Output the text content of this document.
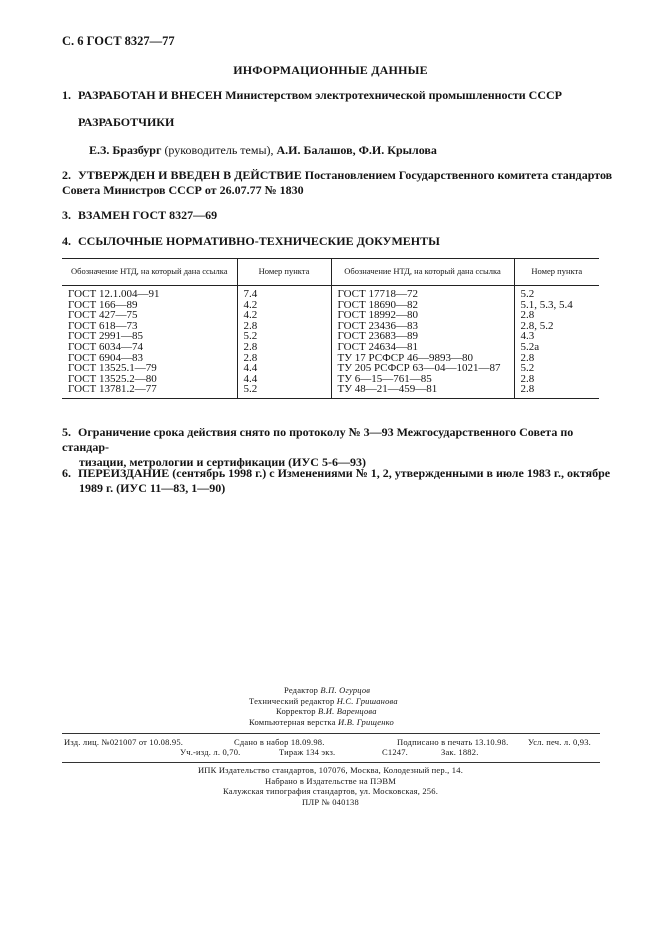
С. 6 ГОСТ 8327—77
ИНФОРМАЦИОННЫЕ ДАННЫЕ
1. РАЗРАБОТАН И ВНЕСЕН Министерством электротехнической промышленности СССР
РАЗРАБОТЧИКИ
Е.З. Бразбург (руководитель темы), А.И. Балашов, Ф.И. Крылова
2. УТВЕРЖДЕН И ВВЕДЕН В ДЕЙСТВИЕ Постановлением Государственного комитета стандартов Совета Министров СССР от 26.07.77 № 1830
3. ВЗАМЕН ГОСТ 8327—69
4. ССЫЛОЧНЫЕ НОРМАТИВНО-ТЕХНИЧЕСКИЕ ДОКУМЕНТЫ
Обозначение НТД, на который дана ссылка	Номер пункта	Обозначение НТД, на который дана ссылка	Номер пункта
ГОСТ 12.1.004—91	7.4	ГОСТ 17718—72	5.2
ГОСТ 166—89	4.2	ГОСТ 18690—82	5.1, 5.3, 5.4
ГОСТ 427—75	4.2	ГОСТ 18992—80	2.8
ГОСТ 618—73	2.8	ГОСТ 23436—83	2.8, 5.2
ГОСТ 2991—85	5.2	ГОСТ 23683—89	4.3
ГОСТ 6034—74	2.8	ГОСТ 24634—81	5.2а
ГОСТ 6904—83	2.8	ТУ 17 РСФСР 46—9893—80	2.8
ГОСТ 13525.1—79	4.4	ТУ 205 РСФСР 63—04—1021—87	5.2
ГОСТ 13525.2—80	4.4	ТУ 6—15—761—85	2.8
ГОСТ 13781.2—77	5.2	ТУ 48—21—459—81	2.8
5. Ограничение срока действия снято по протоколу № 3—93 Межгосударственного Совета по стандар-
тизации, метрологии и сертификации (ИУС 5-6—93)
6. ПЕРЕИЗДАНИЕ (сентябрь 1998 г.) с Изменениями № 1, 2, утвержденными в июле 1983 г., октябре
1989 г. (ИУС 11—83, 1—90)
Редактор В.П. Огурцов
Технический редактор Н.С. Гришанова
Корректор В.И. Варенцова
Компьютерная верстка И.В. Грищенко
Изд. лиц. №021007 от 10.08.95.	Сдано в набор 18.09.98.	Подписано в печать 13.10.98. Усл. печ. л. 0,93.
Уч.-изд. л. 0,70.	Тираж 134 экз.	С1247.	Зак. 1882.
ИПК Издательство стандартов, 107076, Москва, Колодезный пер., 14.
Набрано в Издательстве на ПЭВМ
Калужская типография стандартов, ул. Московская, 256.
ПЛР № 040138
